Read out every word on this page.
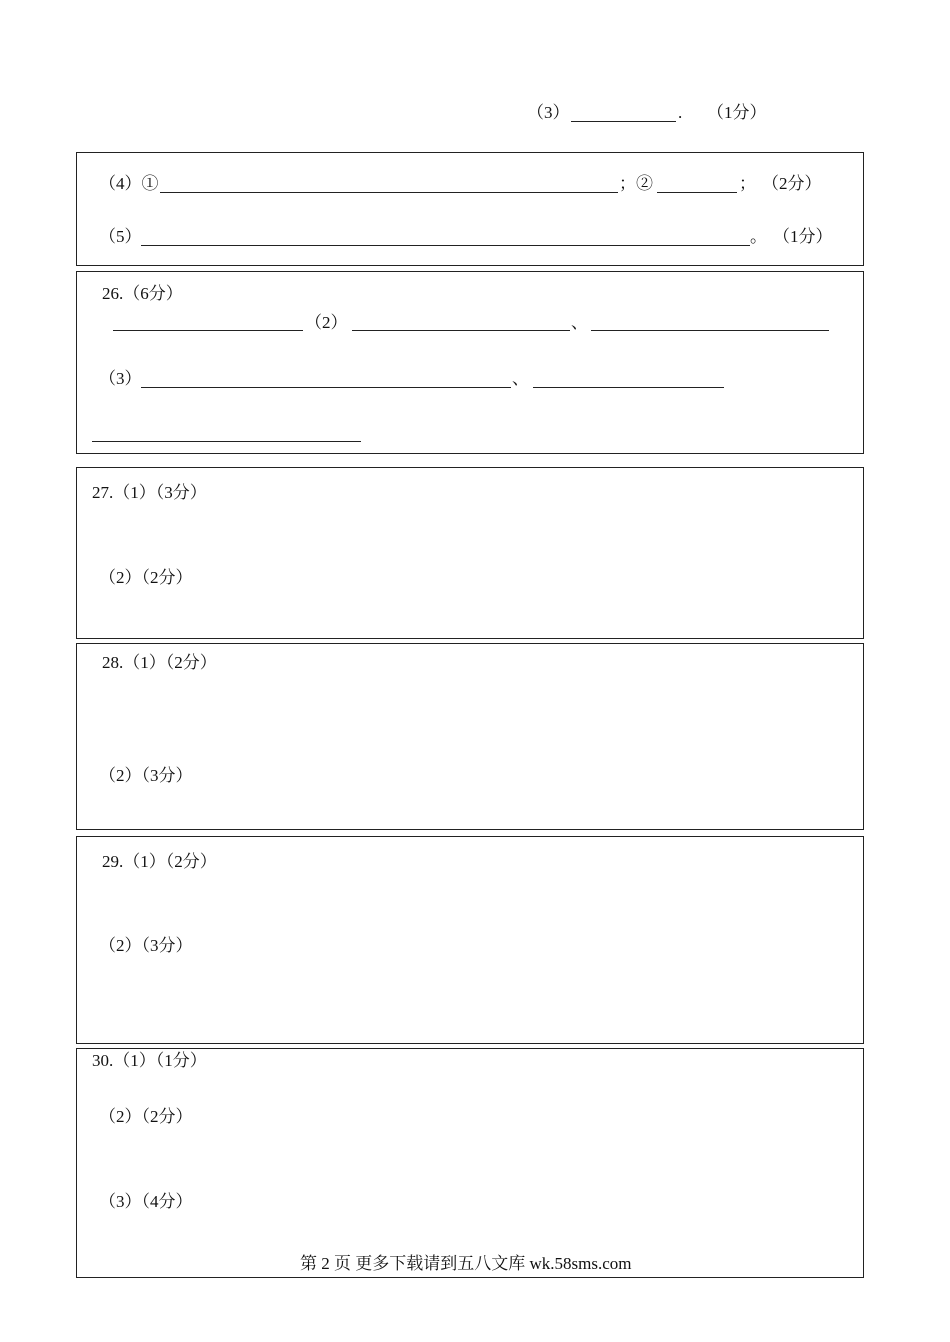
（3）	. （1分）
（4）①	；②	； （2分）
（5）	。 （1分）
26.（6分）
（2）	、
（3）	、
27.（1）（3分）
（2）（2分）
28.（1）（2分）
（2）（3分）
29.（1）（2分）
（2）（3分）
30.（1）（1分）
（2）（2分）
（3）（4分）
第 2 页 更多下载请到五八文库 wk.58sms.com
